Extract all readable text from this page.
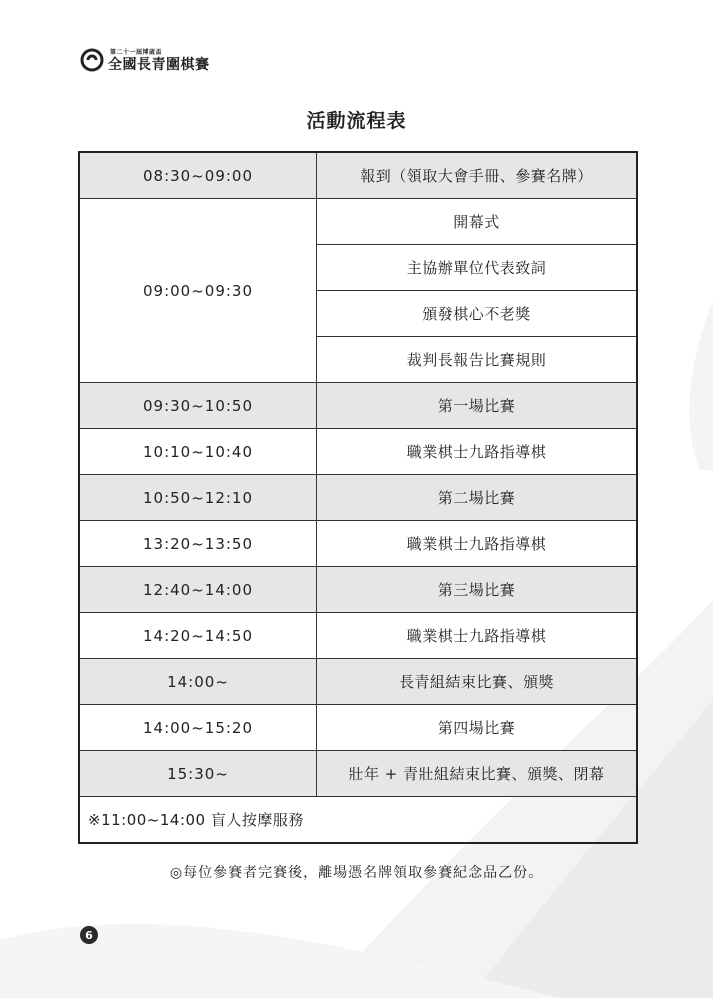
第二十一屆博崴盃
全國長青圍棋賽
活動流程表
08:30~09:00	報到（領取大會手冊、參賽名牌）
09:00~09:30	開幕式
	主協辦單位代表致詞
	頒發棋心不老獎
	裁判長報告比賽規則
09:30~10:50	第一場比賽
10:10~10:40	職業棋士九路指導棋
10:50~12:10	第二場比賽
13:20~13:50	職業棋士九路指導棋
12:40~14:00	第三場比賽
14:20~14:50	職業棋士九路指導棋
14:00~	長青組結束比賽、頒獎
14:00~15:20	第四場比賽
15:30~	壯年 + 青壯組結束比賽、頒獎、閉幕
※11:00~14:00 盲人按摩服務	
◎每位參賽者完賽後，離場憑名牌領取參賽紀念品乙份。
6
